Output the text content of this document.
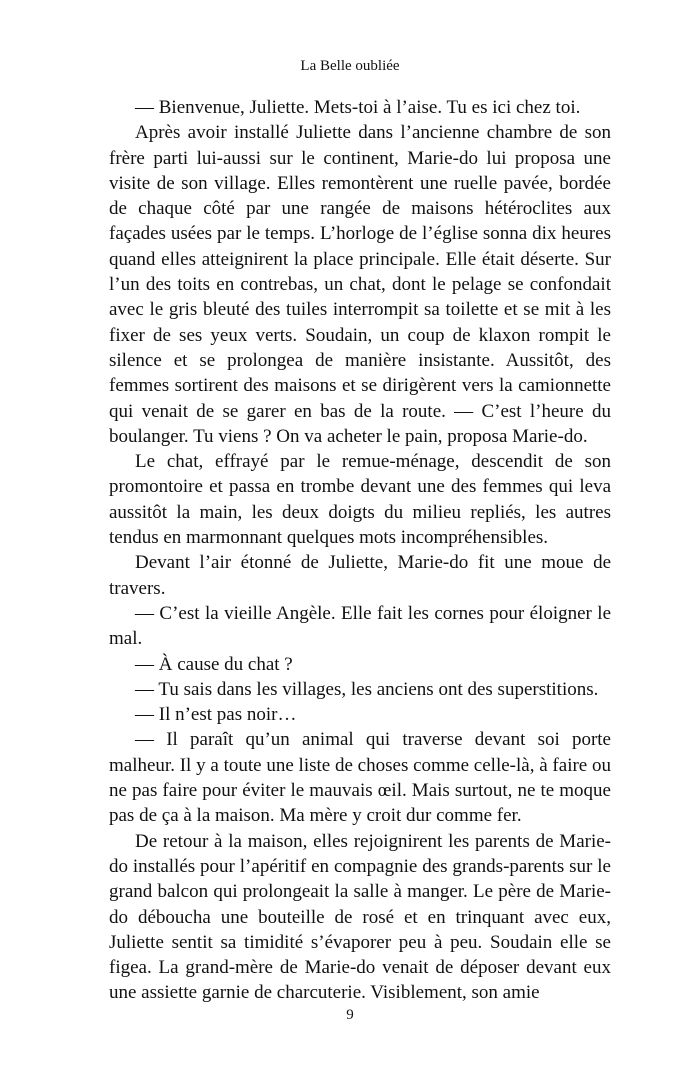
La Belle oubliée

— Bienvenue, Juliette. Mets-toi à l’aise. Tu es ici chez toi.

Après avoir installé Juliette dans l’ancienne chambre de son frère parti lui-aussi sur le continent, Marie-do lui proposa une visite de son village. Elles remontèrent une ruelle pavée, bordée de chaque côté par une rangée de maisons hétéroclites aux façades usées par le temps. L’horloge de l’église sonna dix heures quand elles atteignirent la place principale. Elle était déserte. Sur l’un des toits en contrebas, un chat, dont le pelage se confondait avec le gris bleuté des tuiles interrompit sa toilette et se mit à les fixer de ses yeux verts. Soudain, un coup de klaxon rompit le silence et se prolongea de manière insistante. Aussitôt, des femmes sortirent des maisons et se dirigèrent vers la camionnette qui venait de se garer en bas de la route. — C’est l’heure du boulanger. Tu viens ? On va acheter le pain, proposa Marie-do.

Le chat, effrayé par le remue-ménage, descendit de son promontoire et passa en trombe devant une des femmes qui leva aussitôt la main, les deux doigts du milieu repliés, les autres tendus en marmonnant quelques mots incompréhensibles.

Devant l’air étonné de Juliette, Marie-do fit une moue de travers.

— C’est la vieille Angèle. Elle fait les cornes pour éloigner le mal.

— À cause du chat ?

— Tu sais dans les villages, les anciens ont des superstitions.

— Il n’est pas noir…

— Il paraît qu’un animal qui traverse devant soi porte malheur. Il y a toute une liste de choses comme celle-là, à faire ou ne pas faire pour éviter le mauvais œil. Mais surtout, ne te moque pas de ça à la maison. Ma mère y croit dur comme fer.

De retour à la maison, elles rejoignirent les parents de Marie-do installés pour l’apéritif en compagnie des grands-parents sur le grand balcon qui prolongeait la salle à manger. Le père de Marie-do déboucha une bouteille de rosé et en trinquant avec eux, Juliette sentit sa timidité s’évaporer peu à peu. Soudain elle se figea. La grand-mère de Marie-do venait de déposer devant eux une assiette garnie de charcuterie. Visiblement, son amie

9
